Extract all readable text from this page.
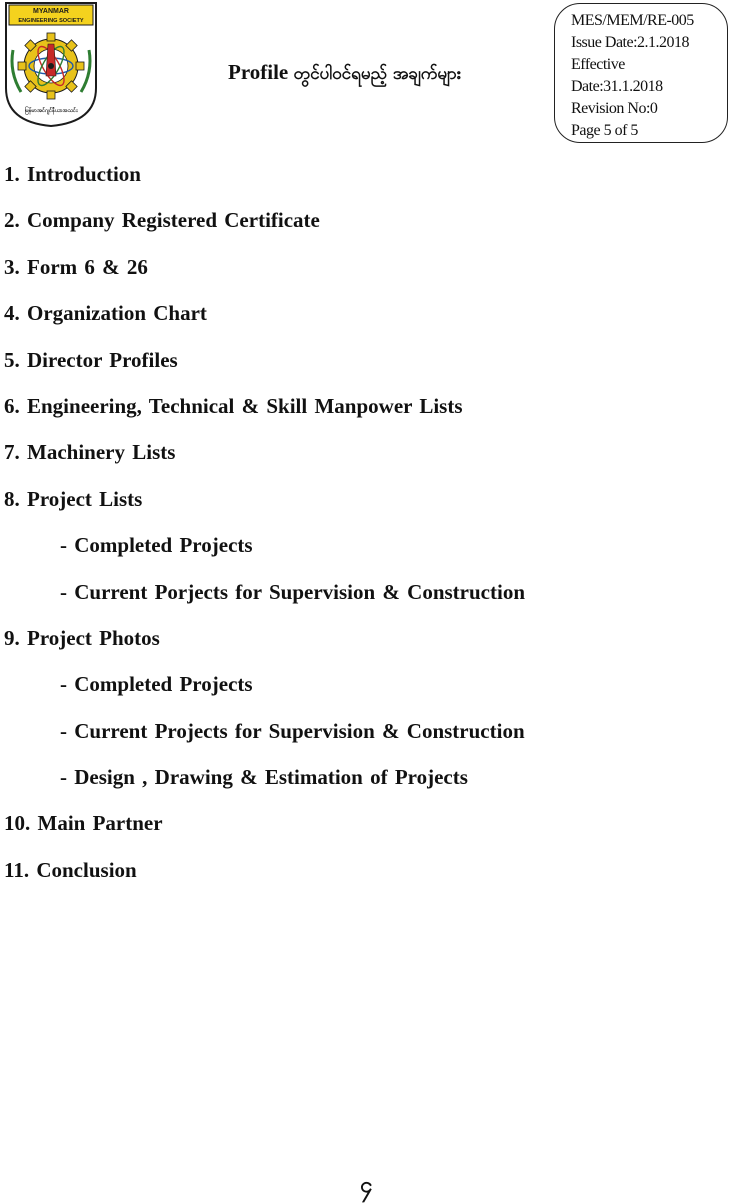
MYANMAR
ENGINEERING SOCIETY
မြန်မာအင်ဂျင်နီယာအသင်း
Profile တွင်ပါဝင်ရမည့် အချက်များ
MES/MEM/RE-005
Issue Date:2.1.2018
Effective
Date:31.1.2018
Revision No:0
Page 5 of 5
1. Introduction
2. Company Registered Certificate
3. Form 6 & 26
4. Organization Chart
5. Director Profiles
6. Engineering, Technical & Skill Manpower Lists
7. Machinery Lists
8. Project Lists
- Completed Projects
- Current Porjects for Supervision & Construction
9. Project Photos
- Completed Projects
- Current Projects for Supervision & Construction
- Design , Drawing & Estimation of Projects
10. Main Partner
11. Conclusion
၄
